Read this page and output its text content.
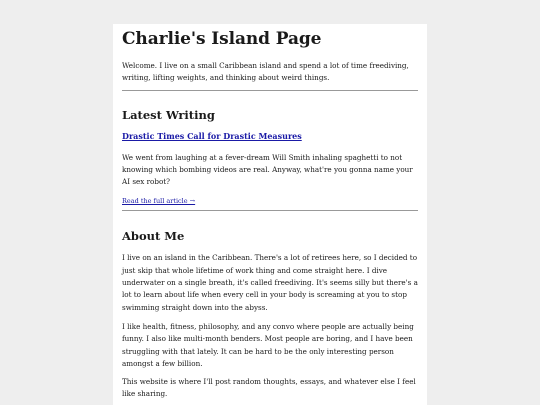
Charlie's Island Page

Welcome. I live on a small Caribbean island and spend a lot of time freediving, writing, lifting weights, and thinking about weird things.

Latest Writing
Drastic Times Call for Drastic Measures

We went from laughing at a fever-dream Will Smith inhaling spaghetti to not knowing which bombing videos are real. Anyway, what're you gonna name your AI sex robot?

Read the full article →
About Me

I live on an island in the Caribbean. There's a lot of retirees here, so I decided to just skip that whole lifetime of work thing and come straight here. I dive underwater on a single breath, it's called freediving. It's seems silly but there's a lot to learn about life when every cell in your body is screaming at you to stop swimming straight down into the abyss.

I like health, fitness, philosophy, and any convo where people are actually being funny. I also like multi-month benders. Most people are boring, and I have been struggling with that lately. It can be hard to be the only interesting person amongst a few billion.

This website is where I'll post random thoughts, essays, and whatever else I feel like sharing.
